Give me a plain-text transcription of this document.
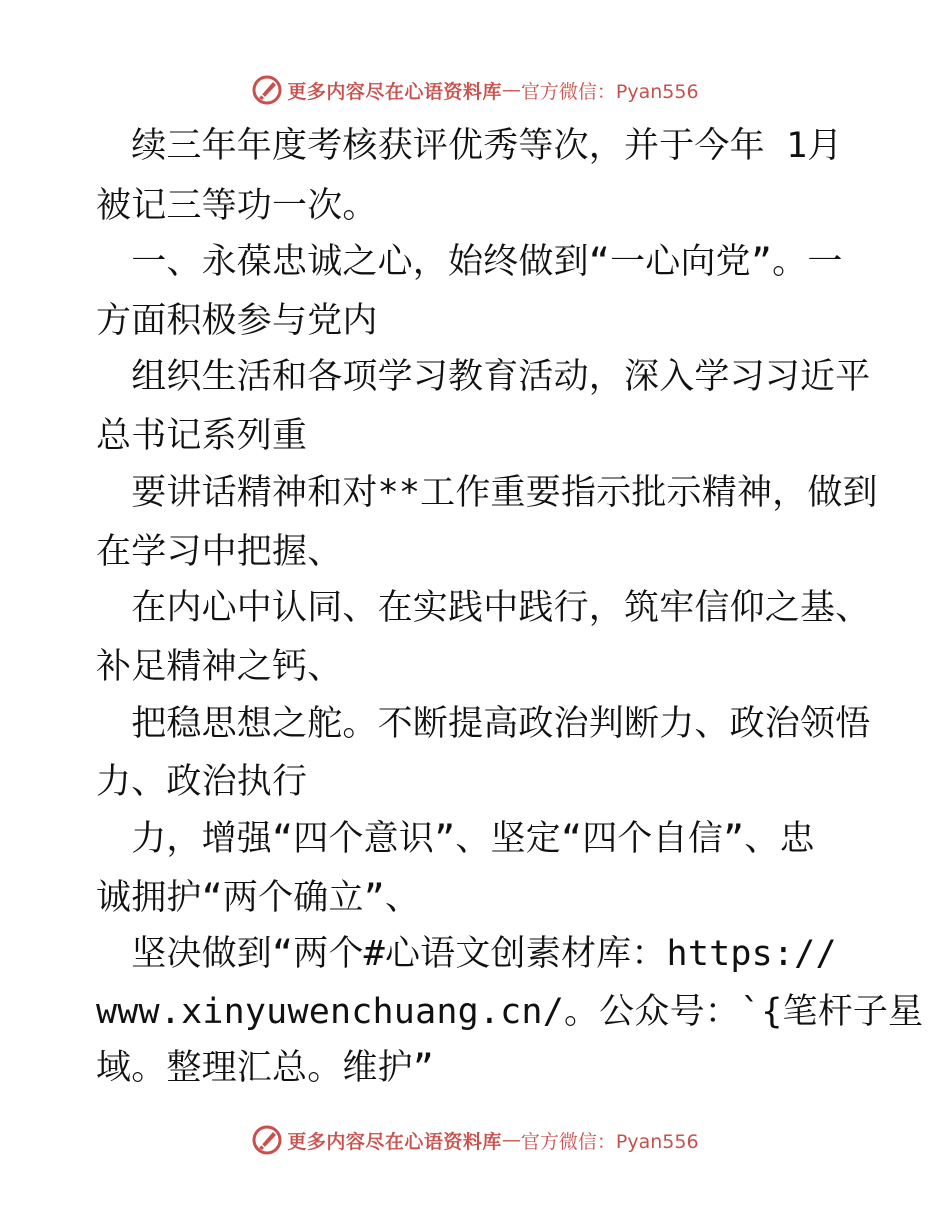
更多内容尽在心语资料库 — 官方微信：Pyan556
　续三年年度考核获评优秀等次，并于今年 1月
被记三等功一次。
　一、永葆忠诚之心，始终做到“一心向党”。一
方面积极参与党内
　组织生活和各项学习教育活动，深入学习习近平
总书记系列重
　要讲话精神和对**工作重要指示批示精神，做到
在学习中把握、
　在内心中认同、在实践中践行，筑牢信仰之基、
补足精神之钙、
　把稳思想之舵。不断提高政治判断力、政治领悟
力、政治执行
　力，增强“四个意识”、坚定“四个自信”、忠
诚拥护“两个确立”、
　坚决做到“两个#心语文创素材库：https://
www.xinyuwenchuang.cn/。公众号：`{笔杆子星
域。整理汇总。维护”
更多内容尽在心语资料库 — 官方微信：Pyan556
